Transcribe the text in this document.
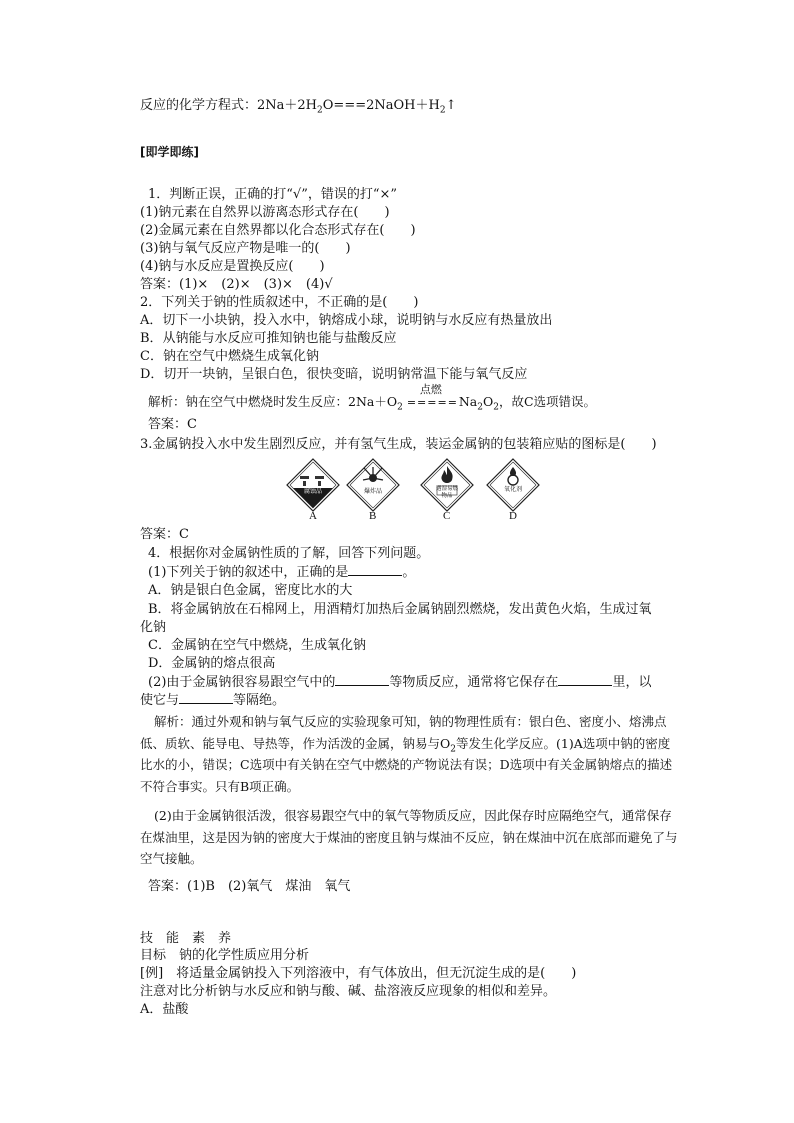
反应的化学方程式：$2Na+2H_2O===2NaOH+H_2↑$
[即学即练]
1．判断正误，正确的打“√”，错误的打“×”
(1)钠元素在自然界以游离态形式存在(　　)
(2)金属元素在自然界都以化合态形式存在(　　)
(3)钠与氧气反应产物是唯一的(　　)
(4)钠与水反应是置换反应(　　)
答案：(1)×　(2)×　(3)×　(4)√
2．下列关于钠的性质叙述中，不正确的是(　　)
A．切下一小块钠，投入水中，钠熔成小球，说明钠与水反应有热量放出
B．从钠能与水反应可推知钠也能与盐酸反应
C．钠在空气中燃烧生成氧化钠
D．切开一块钠，呈银白色，很快变暗，说明钠常温下能与氧气反应
解析：钠在空气中燃烧时发生反应：$2Na+O_2$
点燃
$=====Na_2O_2$，故C选项错误。
答案：C
3.金属钠投入水中发生剧烈反应，并有氢气生成，装运金属钠的包装箱应贴的图标是(　　)
腐蚀品	爆炸品	遇湿易燃物品
氧化剂
A	B	C	D
答案：C
4．根据你对金属钠性质的了解，回答下列问题。
(1)下列关于钠的叙述中，正确的是	。
A．钠是银白色金属，密度比水的大
B．将金属钠放在石棉网上，用酒精灯加热后金属钠剧烈燃烧，发出黄色火焰，生成过氧
化钠
C．金属钠在空气中燃烧，生成氧化钠
D．金属钠的熔点很高
(2)由于金属钠很容易跟空气中的	等物质反应，通常将它保存在	里，以
使它与	等隔绝。
解析：通过外观和钠与氧气反应的实验现象可知，钠的物理性质有：银白色、密度小、熔沸点低、质软、能导电、导热等，作为活泼的金属，钠易与$O_2$等发生化学反应。(1)A选项中钠的密度比水的小，错误；C选项中有关钠在空气中燃烧的产物说法有误；D选项中有关金属钠熔点的描述不符合事实。只有B项正确。
(2)由于金属钠很活泼，很容易跟空气中的氧气等物质反应，因此保存时应隔绝空气，通常保存在煤油里，这是因为钠的密度大于煤油的密度且钠与煤油不反应，钠在煤油中沉在底部而避免了与空气接触。
答案：(1)B　(2)氧气　煤油　氧气
技　能　素　养
目标　钠的化学性质应用分析
[例]　将适量金属钠投入下列溶液中，有气体放出，但无沉淀生成的是(　　)
注意对比分析钠与水反应和钠与酸、碱、盐溶液反应现象的相似和差异。
A．盐酸
